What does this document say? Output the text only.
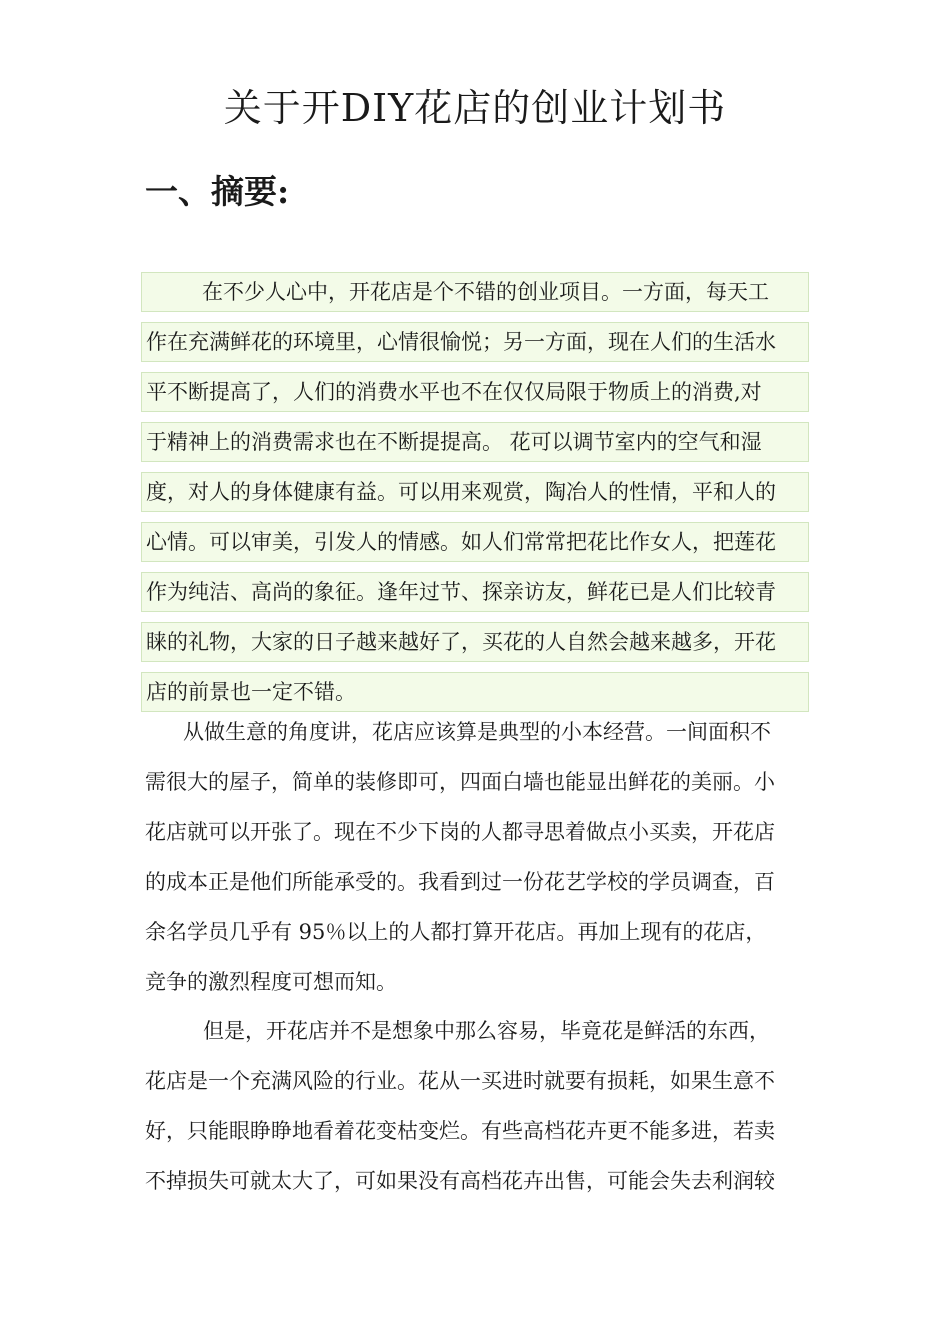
关于开DIY花店的创业计划书
一、摘要:
在不少人心中，开花店是个不错的创业项目。一方面，每天工
作在充满鲜花的环境里，心情很愉悦；另一方面，现在人们的生活水
平不断提高了，人们的消费水平也不在仅仅局限于物质上的消费,对
于精神上的消费需求也在不断提提高。 花可以调节室内的空气和湿
度，对人的身体健康有益。可以用来观赏，陶冶人的性情，平和人的
心情。可以审美，引发人的情感。如人们常常把花比作女人，把莲花
作为纯洁、高尚的象征。逢年过节、探亲访友，鲜花已是人们比较青
睐的礼物，大家的日子越来越好了，买花的人自然会越来越多，开花
店的前景也一定不错。
从做生意的角度讲，花店应该算是典型的小本经营。一间面积不
需很大的屋子，简单的装修即可，四面白墙也能显出鲜花的美丽。小
花店就可以开张了。现在不少下岗的人都寻思着做点小买卖，开花店
的成本正是他们所能承受的。我看到过一份花艺学校的学员调查，百
余名学员几乎有 95％以上的人都打算开花店。再加上现有的花店，
竞争的激烈程度可想而知。
但是，开花店并不是想象中那么容易，毕竟花是鲜活的东西，
花店是一个充满风险的行业。花从一买进时就要有损耗，如果生意不
好，只能眼睁睁地看着花变枯变烂。有些高档花卉更不能多进，若卖
不掉损失可就太大了，可如果没有高档花卉出售，可能会失去利润较
